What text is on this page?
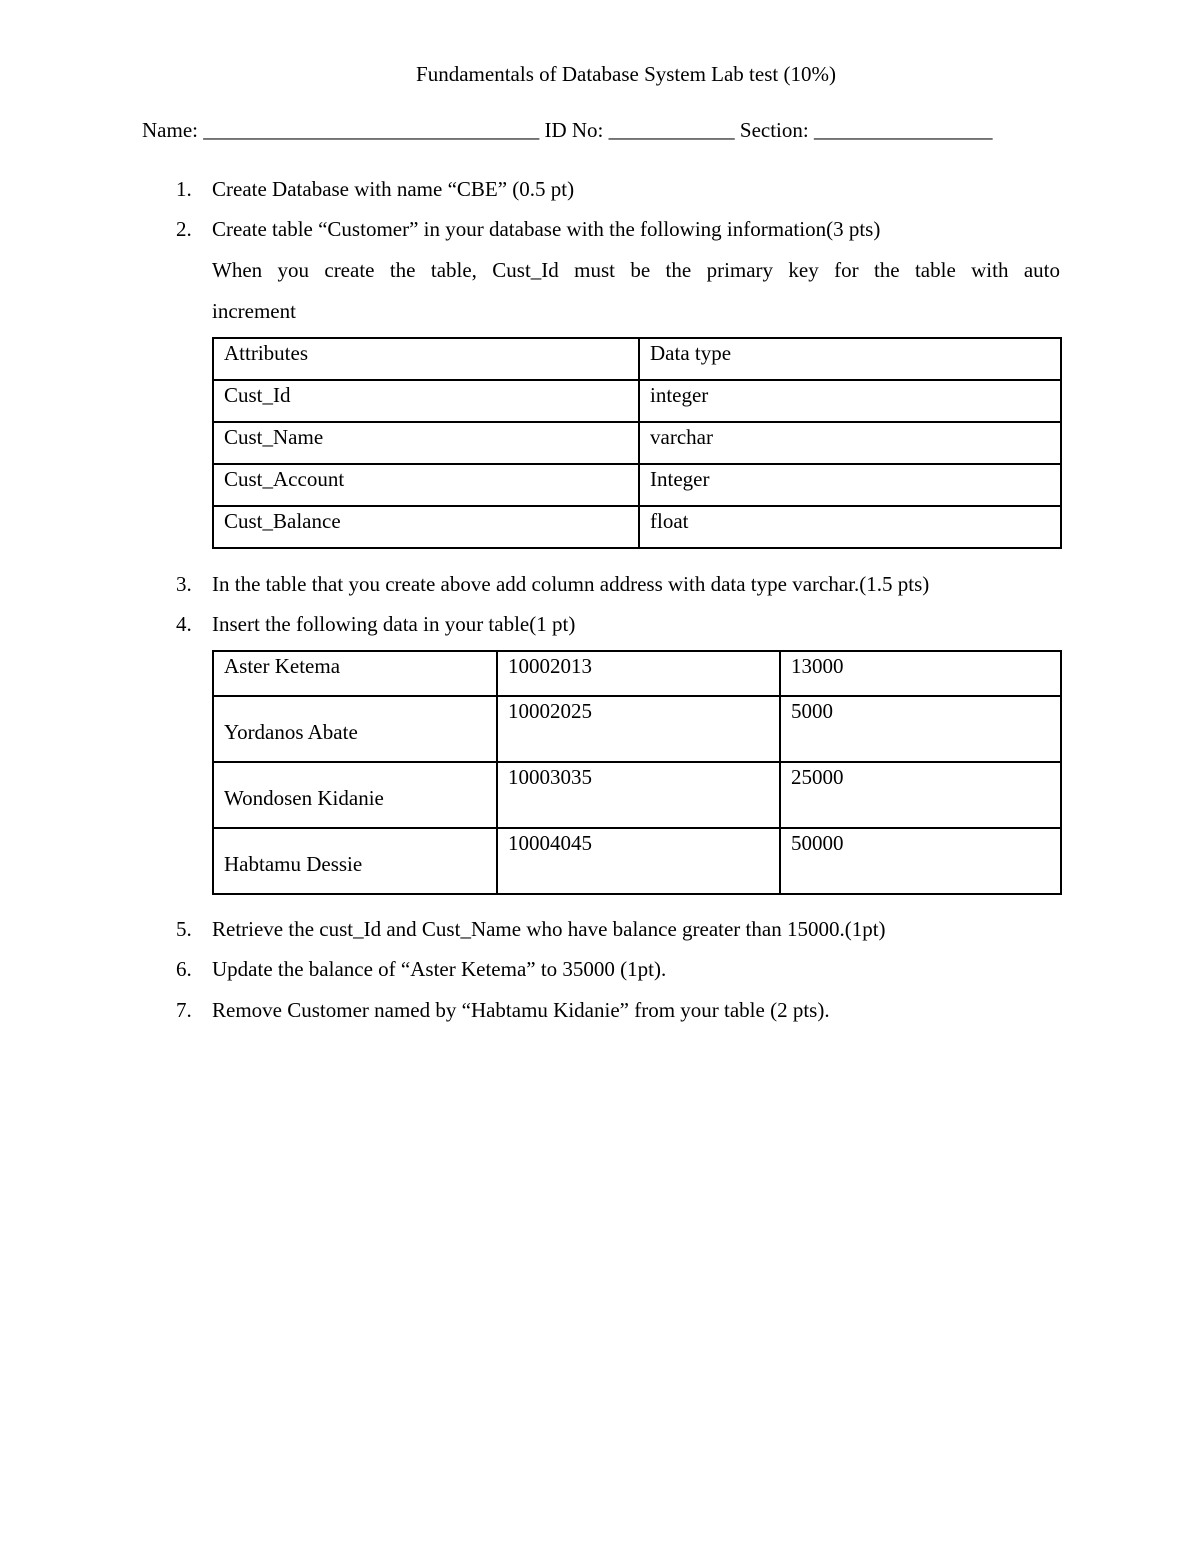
Fundamentals of Database System Lab test (10%)
Name: ________________________________ ID No: ____________ Section: _________________
1. Create Database with name “CBE” (0.5 pt)
2. Create table “Customer” in your database with the following information(3 pts)
When you create the table, Cust_Id must be the primary key for the table with auto
increment
Attributes	Data type
Cust_Id	integer
Cust_Name	varchar
Cust_Account	Integer
Cust_Balance	float
3. In the table that you create above add column address with data type varchar.(1.5 pts)
4. Insert the following data in your table(1 pt)
Aster Ketema	10002013	13000

Yordanos Abate	10002025	5000

Wondosen Kidanie	10003035	25000

Habtamu Dessie	10004045	50000
5. Retrieve the cust_Id and Cust_Name who have balance greater than 15000.(1pt)
6. Update the balance of “Aster Ketema” to 35000 (1pt).
7. Remove Customer named by “Habtamu Kidanie” from your table (2 pts).
